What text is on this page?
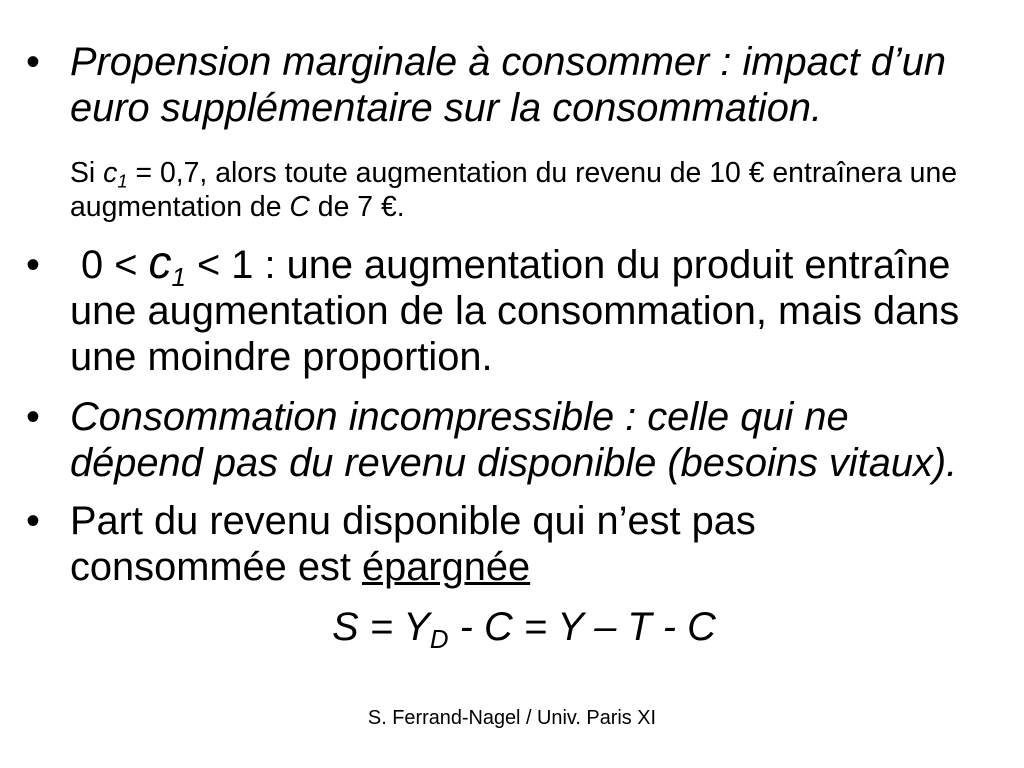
• Propension marginale à consommer : impact d’un
euro supplémentaire sur la consommation.
Si $c_1 = 0,7$, alors toute augmentation du revenu de 10 € entraînera une
augmentation de C de 7 €.
• $0 < c_1 < 1$ : une augmentation du produit entraîne
une augmentation de la consommation, mais dans
une moindre proportion.
• Consommation incompressible : celle qui ne
dépend pas du revenu disponible (besoins vitaux).
• Part du revenu disponible qui n’est pas
consommée est épargnée
$S = Y_D - C = Y - T - C$
S. Ferrand-Nagel / Univ. Paris XI
